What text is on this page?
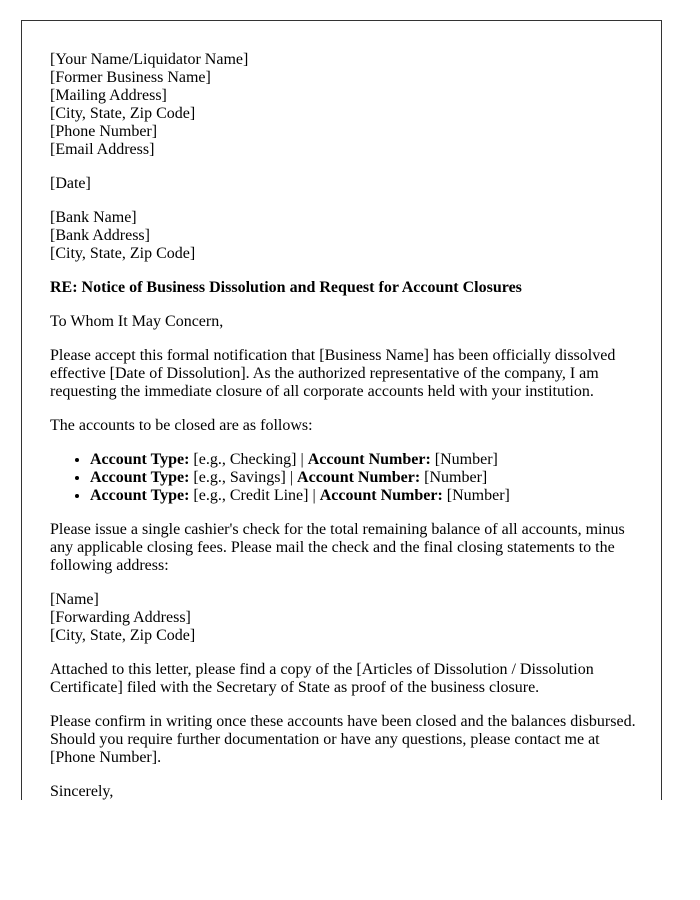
[Your Name/Liquidator Name]
[Former Business Name]
[Mailing Address]
[City, State, Zip Code]
[Phone Number]
[Email Address]
[Date]
[Bank Name]
[Bank Address]
[City, State, Zip Code]
RE: Notice of Business Dissolution and Request for Account Closures
To Whom It May Concern,
Please accept this formal notification that [Business Name] has been officially dissolved effective [Date of Dissolution]. As the authorized representative of the company, I am requesting the immediate closure of all corporate accounts held with your institution.
The accounts to be closed are as follows:
• Account Type: [e.g., Checking] | Account Number: [Number]
• Account Type: [e.g., Savings] | Account Number: [Number]
• Account Type: [e.g., Credit Line] | Account Number: [Number]
Please issue a single cashier's check for the total remaining balance of all accounts, minus any applicable closing fees. Please mail the check and the final closing statements to the following address:
[Name]
[Forwarding Address]
[City, State, Zip Code]
Attached to this letter, please find a copy of the [Articles of Dissolution / Dissolution Certificate] filed with the Secretary of State as proof of the business closure.
Please confirm in writing once these accounts have been closed and the balances disbursed. Should you require further documentation or have any questions, please contact me at [Phone Number].
Sincerely,
